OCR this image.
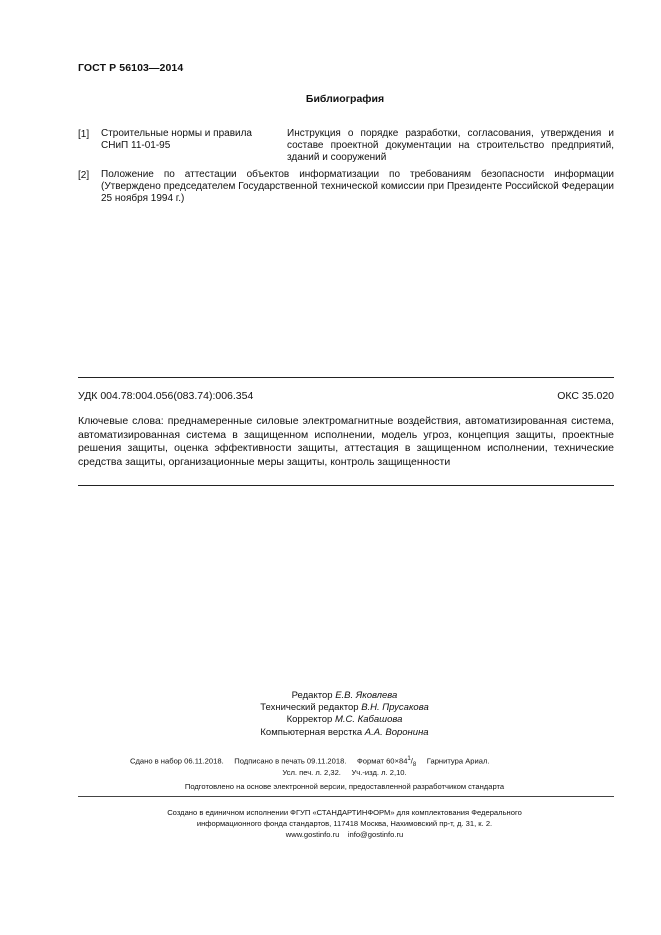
ГОСТ Р 56103—2014
Библиография
[1] Строительные нормы и правила
СНиП 11-01-95
Инструкция о порядке разработки, согласования, утверждения и составе проектной документации на строительство предприятий, зданий и сооружений
[2] Положение по аттестации объектов информатизации по требованиям безопасности информации (Утверждено председателем Государственной технической комиссии при Президенте Российской Федерации 25 ноября 1994 г.)
УДК 004.78:004.056(083.74):006.354	ОКС 35.020
Ключевые слова: преднамеренные силовые электромагнитные воздействия, автоматизированная система, автоматизированная система в защищенном исполнении, модель угроз, концепция защиты, проектные решения защиты, оценка эффективности защиты, аттестация в защищенном исполнении, технические средства защиты, организационные меры защиты, контроль защищенности
Редактор Е.В. Яковлева
Технический редактор В.Н. Прусакова
Корректор М.С. Кабашова
Компьютерная верстка А.А. Воронина
Сдано в набор 06.11.2018. Подписано в печать 09.11.2018. Формат $60\times 84^1/_8$ Гарнитура Ариал.
Усл. печ. л. 2,32. Уч.-изд. л. 2,10.
Подготовлено на основе электронной версии, предоставленной разработчиком стандарта
Создано в единичном исполнении ФГУП «СТАНДАРТИНФОРМ» для комплектования Федерального
информационного фонда стандартов, 117418 Москва, Нахимовский пр-т, д. 31, к. 2.
www.gostinfo.ru info@gostinfo.ru
